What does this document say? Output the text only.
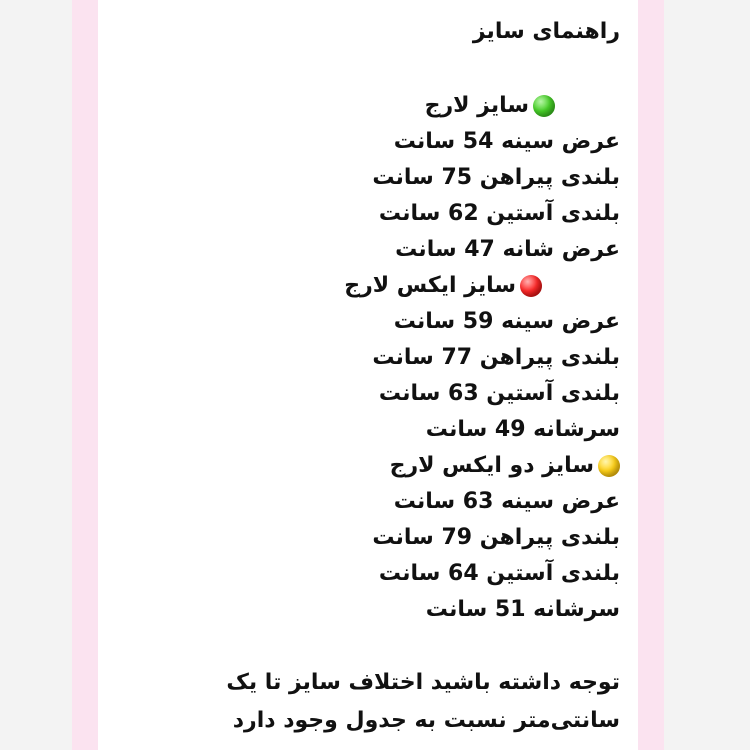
راهنمای سایز
سایز لارج
عرض سینه 54 سانت
بلندی پیراهن 75 سانت
بلندی آستین 62 سانت
عرض شانه 47 سانت
سایز ایکس لارج
عرض سینه 59 سانت
بلندی پیراهن 77 سانت
بلندی آستین 63 سانت
سرشانه 49 سانت
سایز دو ایکس لارج
عرض سینه 63 سانت
بلندی پیراهن 79 سانت
بلندی آستین 64 سانت
سرشانه 51 سانت
توجه داشته باشید اختلاف سایز تا یک
سانتی‌متر نسبت به جدول وجود دارد
